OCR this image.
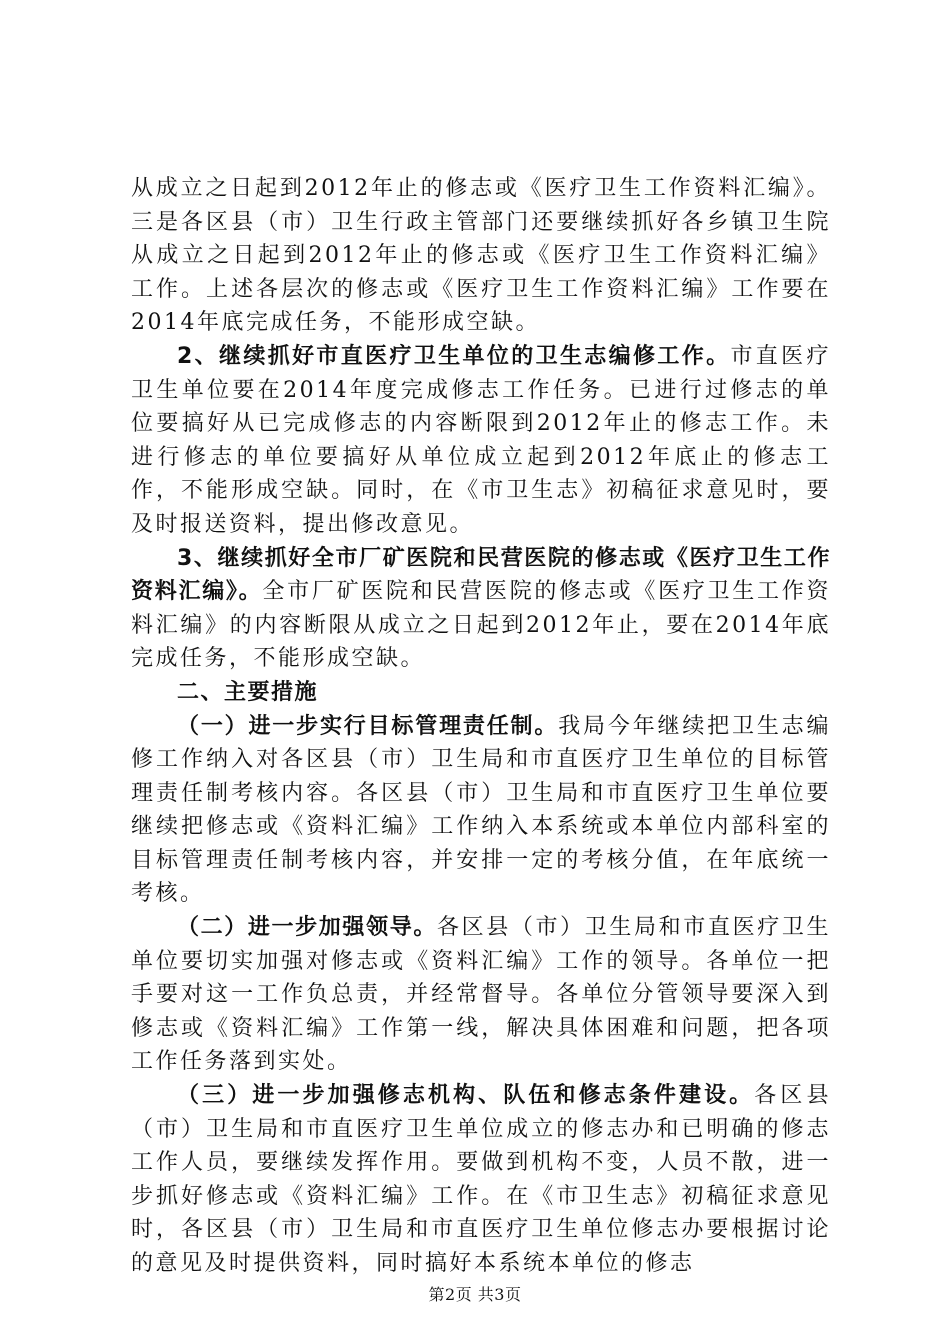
从成立之日起到2012年止的修志或《医疗卫生工作资料汇编》。三是各区县（市）卫生行政主管部门还要继续抓好各乡镇卫生院从成立之日起到2012年止的修志或《医疗卫生工作资料汇编》工作。上述各层次的修志或《医疗卫生工作资料汇编》工作要在2014年底完成任务，不能形成空缺。

2、继续抓好市直医疗卫生单位的卫生志编修工作。市直医疗卫生单位要在2014年度完成修志工作任务。已进行过修志的单位要搞好从已完成修志的内容断限到2012年止的修志工作。未进行修志的单位要搞好从单位成立起到2012年底止的修志工作，不能形成空缺。同时，在《市卫生志》初稿征求意见时，要及时报送资料，提出修改意见。

3、继续抓好全市厂矿医院和民营医院的修志或《医疗卫生工作资料汇编》。全市厂矿医院和民营医院的修志或《医疗卫生工作资料汇编》的内容断限从成立之日起到2012年止，要在2014年底完成任务，不能形成空缺。

二、主要措施

（一）进一步实行目标管理责任制。我局今年继续把卫生志编修工作纳入对各区县（市）卫生局和市直医疗卫生单位的目标管理责任制考核内容。各区县（市）卫生局和市直医疗卫生单位要继续把修志或《资料汇编》工作纳入本系统或本单位内部科室的目标管理责任制考核内容，并安排一定的考核分值，在年底统一考核。

（二）进一步加强领导。各区县（市）卫生局和市直医疗卫生单位要切实加强对修志或《资料汇编》工作的领导。各单位一把手要对这一工作负总责，并经常督导。各单位分管领导要深入到修志或《资料汇编》工作第一线，解决具体困难和问题，把各项工作任务落到实处。

（三）进一步加强修志机构、队伍和修志条件建设。各区县（市）卫生局和市直医疗卫生单位成立的修志办和已明确的修志工作人员，要继续发挥作用。要做到机构不变，人员不散，进一步抓好修志或《资料汇编》工作。在《市卫生志》初稿征求意见时，各区县（市）卫生局和市直医疗卫生单位修志办要根据讨论的意见及时提供资料，同时搞好本系统本单位的修志

第2页 共3页
